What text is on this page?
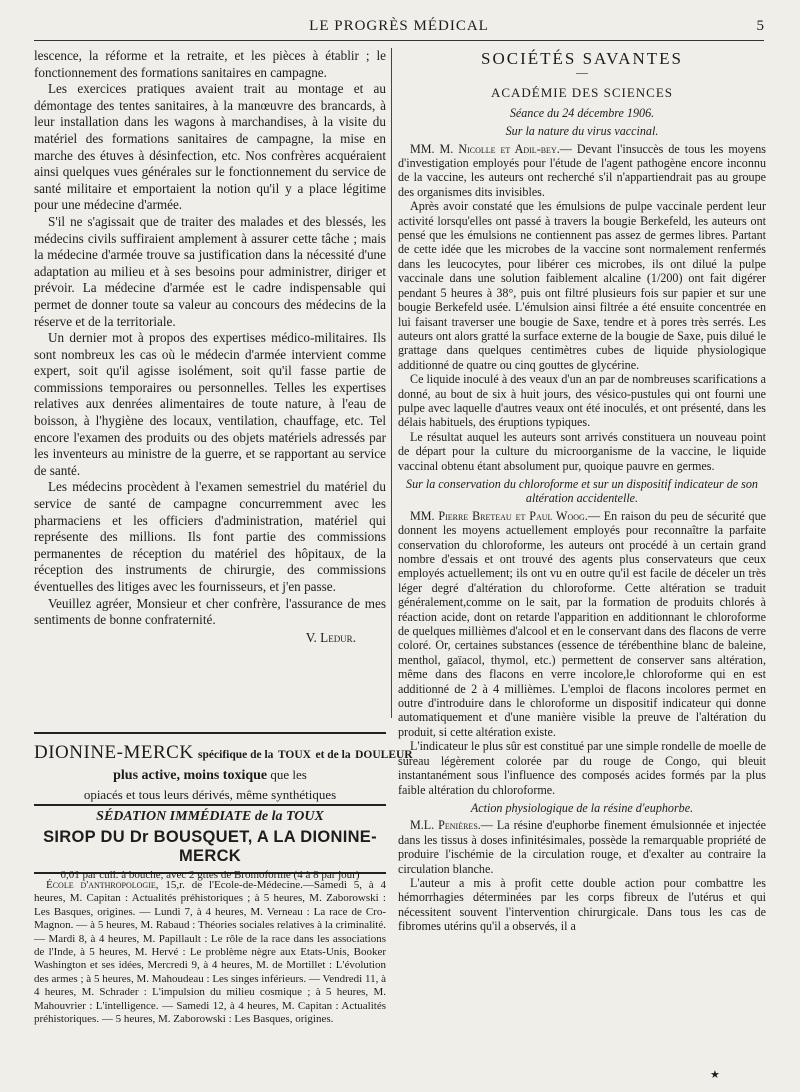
LE PROGRÈS MÉDICAL	5

lescence, la réforme et la retraite, et les pièces à établir ; le fonctionnement des formations sanitaires en campagne.

Les exercices pratiques avaient trait au montage et au démontage des tentes sanitaires, à la manœuvre des brancards, à leur installation dans les wagons à marchandises, à la visite du matériel des formations sanitaires de campagne, la mise en marche des étuves à désinfection, etc. Nos confrères acquéraient ainsi quelques vues générales sur le fonctionnement du service de santé militaire et emportaient la notion qu'il y a place légitime pour une médecine d'armée.

S'il ne s'agissait que de traiter des malades et des blessés, les médecins civils suffiraient amplement à assurer cette tâche ; mais la médecine d'armée trouve sa justification dans la nécessité d'une adaptation au milieu et à ses besoins pour administrer, diriger et prévoir. La médecine d'armée est le cadre indispensable qui permet de donner toute sa valeur au concours des médecins de la réserve et de la territoriale.

Un dernier mot à propos des expertises médico-militaires. Ils sont nombreux les cas où le médecin d'armée intervient comme expert, soit qu'il agisse isolément, soit qu'il fasse partie de commissions temporaires ou personnelles. Telles les expertises relatives aux denrées alimentaires de toute nature, à l'eau de boisson, à l'hygiène des locaux, ventilation, chauffage, etc. Tel encore l'examen des produits ou des objets matériels adressés par les inventeurs au ministre de la guerre, et se rapportant au service de santé.

Les médecins procèdent à l'examen semestriel du matériel du service de santé de campagne concurremment avec les pharmaciens et les officiers d'administration, matériel qui représente des millions. Ils font partie des commissions permanentes de réception du matériel des hôpitaux, de la réception des instruments de chirurgie, des commissions éventuelles des litiges avec les fournisseurs, et j'en passe.

Veuillez agréer, Monsieur et cher confrère, l'assurance de mes sentiments de bonne confraternité.

V. Ledur.
DIONINE-MERCK spécifique de la TOUX et de la DOULEUR
plus active, moins toxique que les
opiacés et tous leurs dérivés, même synthétiques
SÉDATION IMMÉDIATE de la TOUX
SIROP DU Dr BOUSQUET, A LA DIONINE-MERCK
0,01 par cuil. à bouche, avec 2 gttes de Bromoforme (4 à 8 par jour)

École d'anthropologie, 15,r. de l'Ecole-de-Médecine.—Samedi 5, à 4 heures, M. Capitan : Actualités préhistoriques ; à 5 heures, M. Zaborowski : Les Basques, origines. — Lundi 7, à 4 heures, M. Verneau : La race de Cro-Magnon. — à 5 heures, M. Rabaud : Théories sociales relatives à la criminalité. — Mardi 8, à 4 heures, M. Papillault : Le rôle de la race dans les associations de l'Inde, à 5 heures, M. Hervé : Le problème nègre aux Etats-Unis, Booker Washington et ses idées, Mercredi 9, à 4 heures, M. de Mortillet : L'évolution des armes ; à 5 heures, M. Mahoudeau : Les singes inférieurs. — Vendredi 11, à 4 heures, M. Schrader : L'impulsion du milieu cosmique ; à 5 heures, M. Mahouvrier : L'intelligence. — Samedi 12, à 4 heures, M. Capitan : Actualités préhistoriques. — 5 heures, M. Zaborowski : Les Basques, origines.

SOCIÉTÉS SAVANTES

—
ACADÉMIE DES SCIENCES

Séance du 24 décembre 1906.

Sur la nature du virus vaccinal.

MM. M. Nicolle et Adil-bey.— Devant l'insuccès de tous les moyens d'investigation employés pour l'étude de l'agent pathogène encore inconnu de la vaccine, les auteurs ont recherché s'il n'appartiendrait pas au groupe des organismes dits invisibles.

Après avoir constaté que les émulsions de pulpe vaccinale perdent leur activité lorsqu'elles ont passé à travers la bougie Berkefeld, les auteurs ont pensé que les émulsions ne contiennent pas assez de germes libres. Partant de cette idée que les microbes de la vaccine sont normalement renfermés dans les leucocytes, pour libérer ces microbes, ils ont dilué la pulpe vaccinale dans une solution faiblement alcaline (1/200) ont fait digérer pendant 5 heures à 38°, puis ont filtré plusieurs fois sur papier et sur une bougie Berkefeld usée. L'émulsion ainsi filtrée a été ensuite concentrée en lui faisant traverser une bougie de Saxe, tendre et à pores très serrés. Les auteurs ont alors gratté la surface externe de la bougie de Saxe, puis dilué le grattage dans quelques centimètres cubes de liquide physiologique additionné de quatre ou cinq gouttes de glycérine.

Ce liquide inoculé à des veaux d'un an par de nombreuses scarifications a donné, au bout de six à huit jours, des vésico-pustules qui ont fourni une pulpe avec laquelle d'autres veaux ont été inoculés, et ont présenté, dans les délais habituels, des éruptions typiques.

Le résultat auquel les auteurs sont arrivés constituera un nouveau point de départ pour la culture du microorganisme de la vaccine, le liquide vaccinal obtenu étant absolument pur, quoique pauvre en germes.

Sur la conservation du chloroforme et sur un dispositif indicateur de son altération accidentelle.

MM. Pierre Breteau et Paul Woog.— En raison du peu de sécurité que donnent les moyens actuellement employés pour reconnaître la parfaite conservation du chloroforme, les auteurs ont procédé à un certain grand nombre d'essais et ont trouvé des agents plus conservateurs que ceux employés actuellement; ils ont vu en outre qu'il est facile de déceler un très léger degré d'altération du chloroforme. Cette altération se traduit généralement,comme on le sait, par la formation de produits chlorés à réaction acide, dont on retarde l'apparition en additionnant le chloroforme de quelques millièmes d'alcool et en le conservant dans des flacons de verre coloré. Or, certaines substances (essence de térébenthine blanc de baleine, menthol, gaïacol, thymol, etc.) permettent de conserver sans altération, même dans des flacons en verre incolore,le chloroforme qui en est additionné de 2 à 4 millièmes. L'emploi de flacons incolores permet en outre d'introduire dans le chloroforme un dispositif indicateur qui donne automatiquement et d'une manière visible la preuve de l'altération du produit, si cette altération existe.

L'indicateur le plus sûr est constitué par une simple rondelle de moelle de sureau légèrement colorée par du rouge de Congo, qui bleuit instantanément sous l'influence des composés acides formés par la plus faible altération du chloroforme.

Action physiologique de la résine d'euphorbe.

M.L. Penières.— La résine d'euphorbe finement émulsionnée et injectée dans les tissus à doses infinitésimales, possède la remarquable propriété de produire l'ischémie de la circulation rouge, et d'exalter au contraire la circulation blanche.

L'auteur a mis à profit cette double action pour combattre les hémorrhagies déterminées par les corps fibreux de l'utérus et qui nécessitent souvent l'intervention chirurgicale. Dans tous les cas de fibromes utérins qu'il a observés, il a

★
